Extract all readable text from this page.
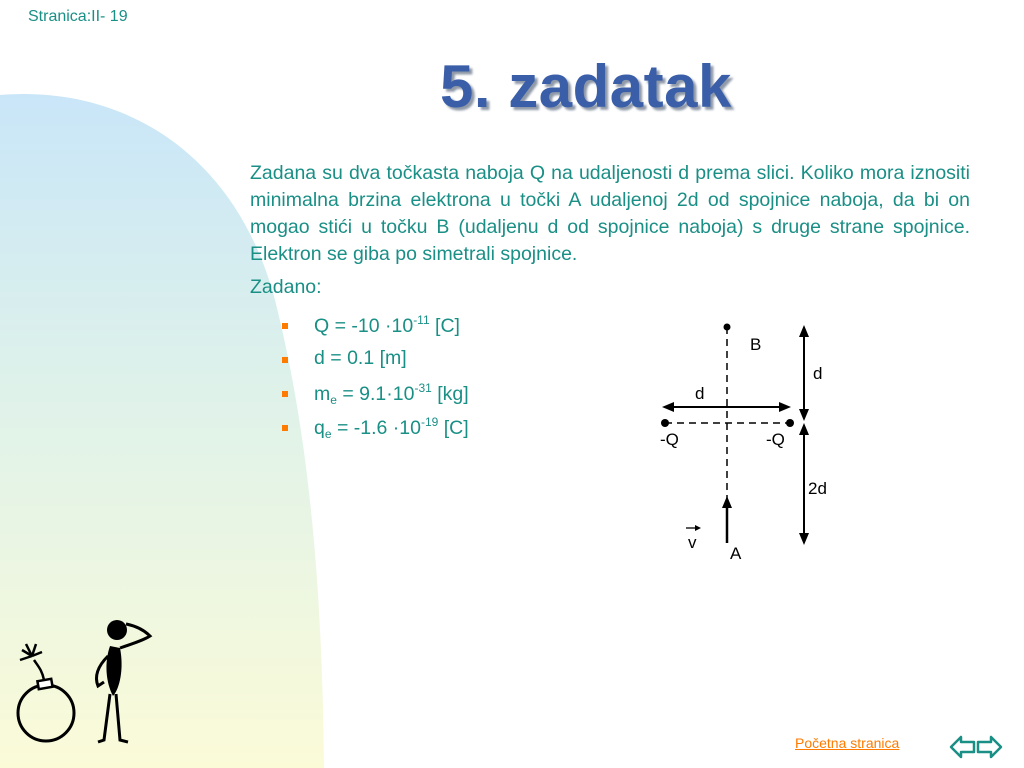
Stranica:II- 19
5. zadatak

Zadana su dva točkasta naboja Q na udaljenosti d prema slici. Koliko mora iznositi minimalna brzina elektrona u točki A udaljenoj 2d od spojnice naboja, da bi on mogao stići u točku B (udaljenu d od spojnice naboja) s druge strane spojnice. Elektron se giba po simetrali spojnice.

Zadano:
$Q = -10 \cdot 10^{-11}$ [C]
d = 0.1 [m]
$m_e = 9.1\cdot 10^{-31}$ [kg]
$q_e = -1.6 \cdot 10^{-19}$ [C]
B
d
d
-Q	-Q
2d
v
A
Početna stranica
